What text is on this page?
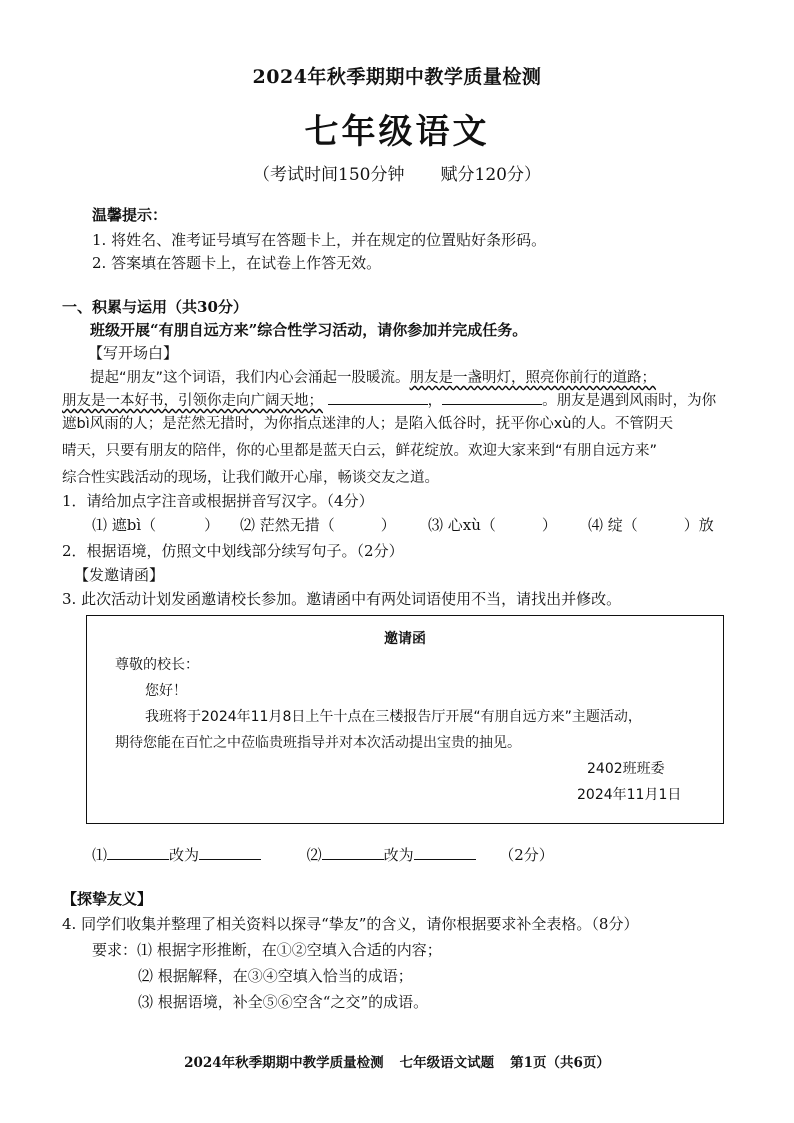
2024年秋季期期中教学质量检测
七年级语文
（考试时间150分钟 赋分120分）
温馨提示：
1. 将姓名、准考证号填写在答题卡上，并在规定的位置贴好条形码。
2. 答案填在答题卡上，在试卷上作答无效。
一、积累与运用（共30分）
班级开展“有朋自远方来”综合性学习活动，请你参加并完成任务。
【写开场白】
提起“朋友”这个词语，我们内心会涌起一股暖流。朋友是一盏明灯，照亮你前行的道路；
朋友是一本好书，引领你走向广阔天地；	，	。朋友是遇到风雨时，为你
遮bì风雨的人；是茫然无措时，为你指点迷津的人；是陷入低谷时，抚平你心xù的人。不管阴天
晴天，只要有朋友的陪伴，你的心里都是蓝天白云，鲜花绽放。欢迎大家来到“有朋自远方来”
综合性实践活动的现场，让我们敞开心扉，畅谈交友之道。
1．请给加点字注音或根据拼音写汉字。（4分）
⑴ 遮bì（	） ⑵ 茫然无措（	） ⑶ 心xù（	） ⑷ 绽（	）放
2．根据语境，仿照文中划线部分续写句子。（2分）
【发邀请函】
3. 此次活动计划发函邀请校长参加。邀请函中有两处词语使用不当，请找出并修改。
邀请函
尊敬的校长：
您好！
我班将于2024年11月8日上午十点在三楼报告厅开展“有朋自远方来”主题活动，
期待您能在百忙之中莅临贵班指导并对本次活动提出宝贵的抽见。
2402班班委
2024年11月1日
⑴	改为	⑵	改为	（2分）
【探挚友义】
4. 同学们收集并整理了相关资料以探寻“挚友”的含义，请你根据要求补全表格。（8分）
要求：⑴ 根据字形推断，在①②空填入合适的内容；
⑵ 根据解释，在③④空填入恰当的成语；
⑶ 根据语境，补全⑤⑥空含“之交”的成语。
2024年秋季期期中教学质量检测 七年级语文试题 第1页（共6页）
